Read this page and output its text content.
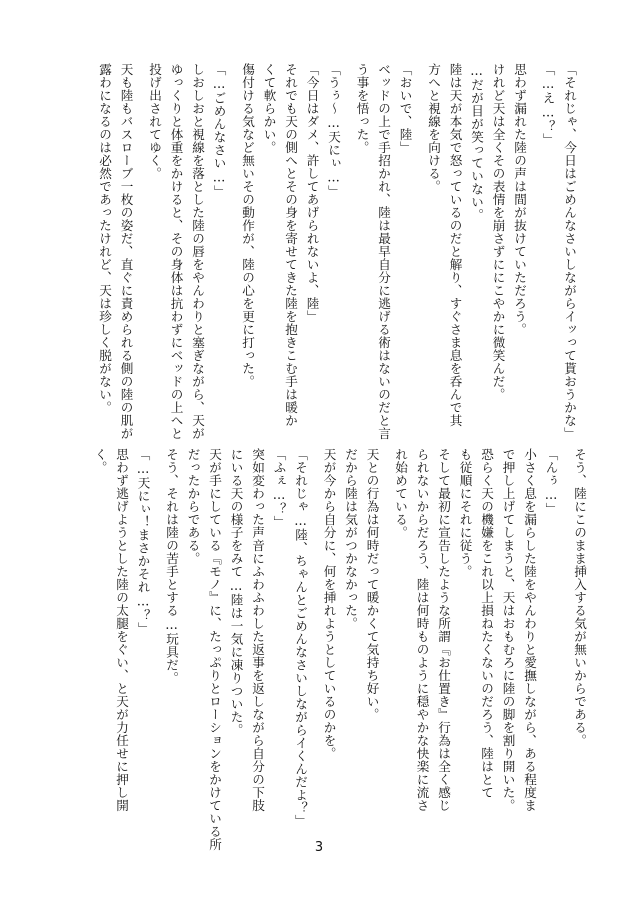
「それじゃ、今日はごめんなさいしながらイッって貰おうかな」
「…え…？」
思わず漏れた陸の声は間が抜けていただろう。
けれど天は全くその表情を崩さずににこやかに微笑んだ。
…だが目が笑っていない。
陸は天が本気で怒っているのだと解り、すぐさま息を呑んで其
方へと視線を向ける。
「おいで、陸」
ベッドの上で手招かれ、陸は最早自分に逃げる術はないのだと言
う事を悟った。
「うぅ～…天にぃ…」
「今日はダメ、許してあげられないよ、陸」
それでも天の側へとその身を寄せてきた陸を抱きこむ手は暖か
くて軟らかい。
傷付ける気など無いその動作が、陸の心を更に打った。
「…ごめんなさい…」
しおしおと視線を落とした陸の唇をやんわりと塞ぎながら、天が
ゆっくりと体重をかけると、その身体は抗わずにベッドの上へと
投げ出されてゆく。
天も陸もバスローブ一枚の姿だ、直ぐに責められる側の陸の肌が
露わになるのは必然であったけれど、天は珍しく脱がない。
そう、陸にこのまま挿入する気が無いからである。
「んぅ…」
小さく息を漏らした陸をやんわりと愛撫しながら、ある程度ま
で押し上げてしまうと、天はおもむろに陸の脚を割り開いた。
恐らく天の機嫌をこれ以上損ねたくないのだろう、陸はとて
も従順にそれに従う。
そして最初に宣告したような所謂『お仕置き』行為は全く感じ
られないからだろう、陸は何時ものように穏やかな快楽に流さ
れ始めている。
天との行為は何時だって暖かくて気持ち好い。
だから陸は気がつかなかった。
天が今から自分に、何を挿れようとしているのかを。
「それじゃ…陸、ちゃんとごめんなさいしながらイくんだよ？」
「ふぇ…？」
突如変わった声音にふわふわした返事を返しながら自分の下肢
にいる天の様子をみて…陸は一気に凍りついた。
天が手にしている『モノ』に、たっぷりとローションをかけている所
だったからである。
そう、それは陸の苦手とする…玩具だ。
「…天にぃ！まさかそれ…？」
思わず逃げようとした陸の太腿をぐい、と天が力任せに押し開
く。
3
